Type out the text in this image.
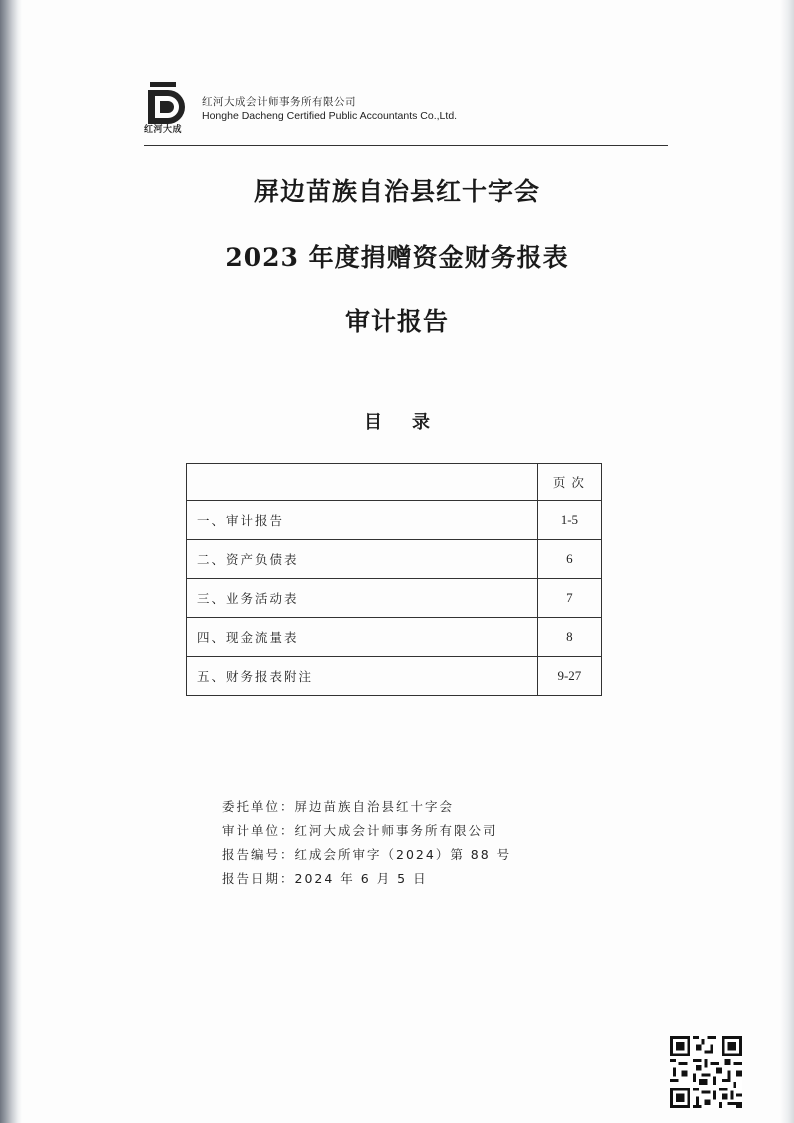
红河大成
红河大成会计师事务所有限公司
Honghe Dacheng Certified Public Accountants Co.,Ltd.
屏边苗族自治县红十字会
2023 年度捐赠资金财务报表
审计报告
目录
	页次
一、审计报告	1-5
二、资产负债表	6
三、业务活动表	7
四、现金流量表	8
五、财务报表附注	9-27
委托单位：屏边苗族自治县红十字会
审计单位：红河大成会计师事务所有限公司
报告编号：红成会所审字（2024）第 88 号
报告日期：2024 年 6 月 5 日
